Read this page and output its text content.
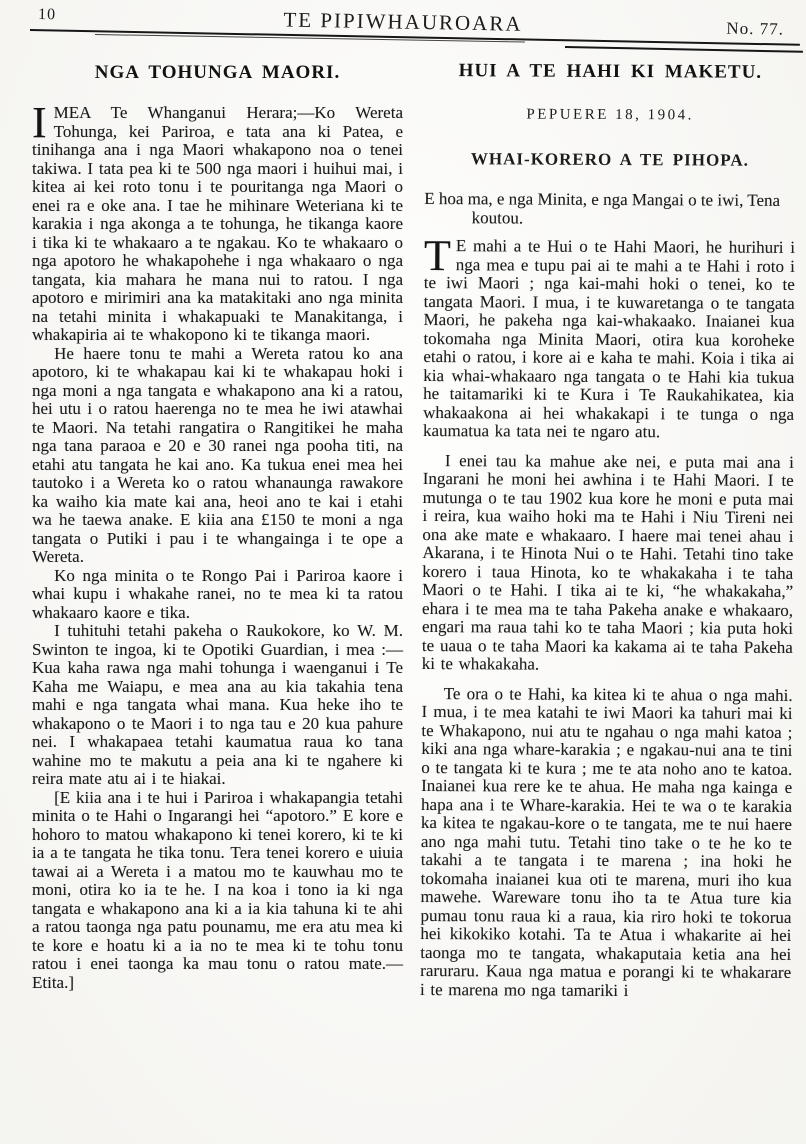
10	TE PIPIWHAUROARA	No. 77.
NGA TOHUNGA MAORI.

IMEA Te Whanganui Herara;—Ko Wereta Tohunga, kei Pariroa, e tata ana ki Patea, e tinihanga ana i nga Maori whakapono noa o tenei takiwa. I tata pea ki te 500 nga maori i huihui mai, i kitea ai kei roto tonu i te pouritanga nga Maori o enei ra e oke ana. I tae he mihinare Weteriana ki te karakia i nga akonga a te tohunga, he tikanga kaore i tika ki te whakaaro a te ngakau. Ko te whakaaro o nga apotoro he whakapohehe i nga whakaaro o nga tangata, kia mahara he mana nui to ratou. I nga apotoro e mirimiri ana ka matakitaki ano nga minita na tetahi minita i whakapuaki te Manakitanga, i whakapiria ai te whakopono ki te tikanga maori.

He haere tonu te mahi a Wereta ratou ko ana apotoro, ki te whakapau kai ki te whakapau hoki i nga moni a nga tangata e whakapono ana ki a ratou, hei utu i o ratou haerenga no te mea he iwi atawhai te Maori. Na tetahi rangatira o Rangitikei he maha nga tana paraoa e 20 e 30 ranei nga pooha titi, na etahi atu tangata he kai ano. Ka tukua enei mea hei tautoko i a Wereta ko o ratou whanaunga rawakore ka waiho kia mate kai ana, heoi ano te kai i etahi wa he taewa anake. E kiia ana £150 te moni a nga tangata o Putiki i pau i te whangainga i te ope a Wereta.

Ko nga minita o te Rongo Pai i Pariroa kaore i whai kupu i whakahe ranei, no te mea ki ta ratou whakaaro kaore e tika.

I tuhituhi tetahi pakeha o Raukokore, ko W. M. Swinton te ingoa, ki te Opotiki Guardian, i mea :—Kua kaha rawa nga mahi tohunga i waenganui i Te Kaha me Waiapu, e mea ana au kia takahia tena mahi e nga tangata whai mana. Kua heke iho te whakapono o te Maori i to nga tau e 20 kua pahure nei. I whakapaea tetahi kaumatua raua ko tana wahine mo te makutu a peia ana ki te ngahere ki reira mate atu ai i te hiakai.

[E kiia ana i te hui i Pariroa i whakapangia tetahi minita o te Hahi o Ingarangi hei “apotoro.” E kore e hohoro to matou whakapono ki tenei korero, ki te ki ia a te tangata he tika tonu. Tera tenei korero e uiuia tawai ai a Wereta i a matou mo te kauwhau mo te moni, otira ko ia te he. I na koa i tono ia ki nga tangata e whakapono ana ki a ia kia tahuna ki te ahi a ratou taonga nga patu pounamu, me era atu mea ki te kore e hoatu ki a ia no te mea ki te tohu tonu ratou i enei taonga ka mau tonu o ratou mate.—Etita.]

HUI A TE HAHI KI MAKETU.
PEPUERE 18, 1904.
WHAI-KORERO A TE PIHOPA.

E hoa ma, e nga Minita, e nga Mangai o te iwi, Tena koutou.

T E mahi a te Hui o te Hahi Maori, he hurihuri i nga mea e tupu pai ai te mahi a te Hahi i roto i te iwi Maori ; nga kai-mahi hoki o tenei, ko te tangata Maori. I mua, i te kuwaretanga o te tangata Maori, he pakeha nga kai-whakaako. Inaianei kua tokomaha nga Minita Maori, otira kua koroheke etahi o ratou, i kore ai e kaha te mahi. Koia i tika ai kia whai-whakaaro nga tangata o te Hahi kia tukua he taitamariki ki te Kura i Te Raukahikatea, kia whakaakona ai hei whakakapi i te tunga o nga kaumatua ka tata nei te ngaro atu.

I enei tau ka mahue ake nei, e puta mai ana i Ingarani he moni hei awhina i te Hahi Maori. I te mutunga o te tau 1902 kua kore he moni e puta mai i reira, kua waiho hoki ma te Hahi i Niu Tireni nei ona ake mate e whakaaro. I haere mai tenei ahau i Akarana, i te Hinota Nui o te Hahi. Tetahi tino take korero i taua Hinota, ko te whakakaha i te taha Maori o te Hahi. I tika ai te ki, “he whakakaha,” ehara i te mea ma te taha Pakeha anake e whakaaro, engari ma raua tahi ko te taha Maori ; kia puta hoki te uaua o te taha Maori ka kakama ai te taha Pakeha ki te whakakaha.

Te ora o te Hahi, ka kitea ki te ahua o nga mahi. I mua, i te mea katahi te iwi Maori ka tahuri mai ki te Whakapono, nui atu te ngahau o nga mahi katoa ; kiki ana nga whare-karakia ; e ngakau-nui ana te tini o te tangata ki te kura ; me te ata noho ano te katoa. Inaianei kua rere ke te ahua. He maha nga kainga e hapa ana i te Whare-karakia. Hei te wa o te karakia ka kitea te ngakau-kore o te tangata, me te nui haere ano nga mahi tutu. Tetahi tino take o te he ko te takahi a te tangata i te marena ; ina hoki he tokomaha inaianei kua oti te marena, muri iho kua mawehe. Wareware tonu iho ta te Atua ture kia pumau tonu raua ki a raua, kia riro hoki te tokorua hei kikokiko kotahi. Ta te Atua i whakarite ai hei taonga mo te tangata, whakaputaia ketia ana hei raruraru. Kaua nga matua e porangi ki te whakarare i te marena mo nga tamariki i
